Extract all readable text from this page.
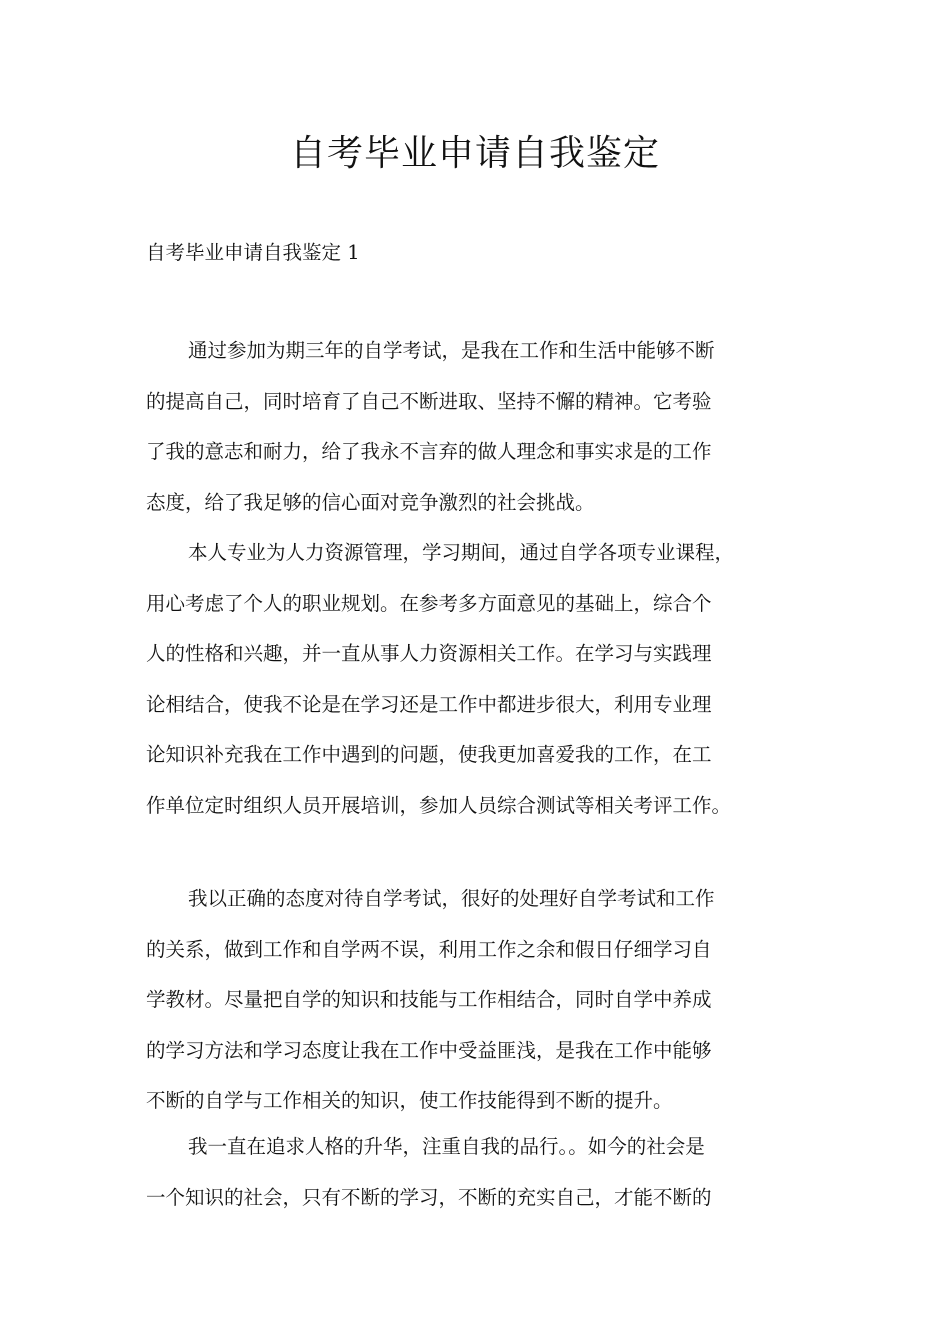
自考毕业申请自我鉴定

自考毕业申请自我鉴定 1

通过参加为期三年的自学考试，是我在工作和生活中能够不断
的提高自己，同时培育了自己不断进取、坚持不懈的精神。它考验
了我的意志和耐力，给了我永不言弃的做人理念和事实求是的工作
态度，给了我足够的信心面对竞争激烈的社会挑战。
本人专业为人力资源管理，学习期间，通过自学各项专业课程，
用心考虑了个人的职业规划。在参考多方面意见的基础上，综合个
人的性格和兴趣，并一直从事人力资源相关工作。在学习与实践理
论相结合，使我不论是在学习还是工作中都进步很大，利用专业理
论知识补充我在工作中遇到的问题，使我更加喜爱我的工作，在工
作单位定时组织人员开展培训，参加人员综合测试等相关考评工作。
我以正确的态度对待自学考试，很好的处理好自学考试和工作
的关系，做到工作和自学两不误，利用工作之余和假日仔细学习自
学教材。尽量把自学的知识和技能与工作相结合，同时自学中养成
的学习方法和学习态度让我在工作中受益匪浅，是我在工作中能够
不断的自学与工作相关的知识，使工作技能得到不断的提升。
我一直在追求人格的升华，注重自我的品行。。如今的社会是
一个知识的社会，只有不断的学习，不断的充实自己，才能不断的
